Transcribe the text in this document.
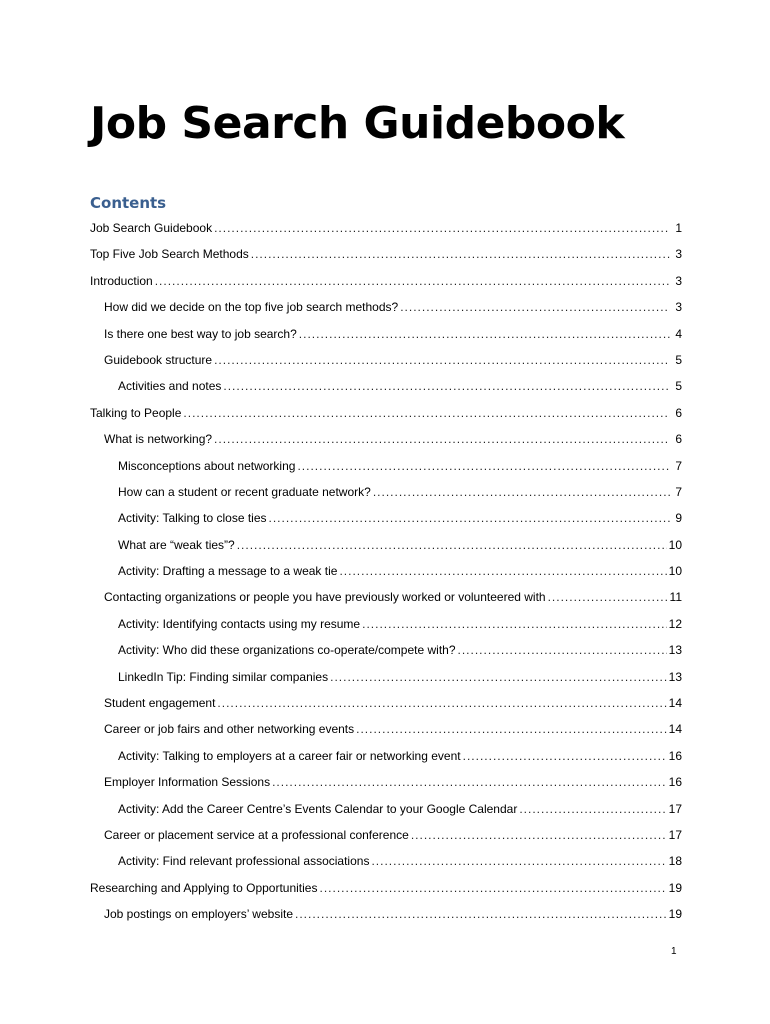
Job Search Guidebook
Contents
Job Search Guidebook .....	1
Top Five Job Search Methods .....	3
Introduction .....	3
How did we decide on the top five job search methods? .....	3
Is there one best way to job search? .....	4
Guidebook structure .....	5
Activities and notes .....	5
Talking to People .....	6
What is networking? .....	6
Misconceptions about networking .....	7
How can a student or recent graduate network? .....	7
Activity: Talking to close ties .....	9
What are “weak ties”? .....	10
Activity: Drafting a message to a weak tie .....	10
Contacting organizations or people you have previously worked or volunteered with .....	11
Activity: Identifying contacts using my resume .....	12
Activity: Who did these organizations co-operate/compete with? .....	13
LinkedIn Tip: Finding similar companies .....	13
Student engagement .....	14
Career or job fairs and other networking events .....	14
Activity: Talking to employers at a career fair or networking event .....	16
Employer Information Sessions .....	16
Activity: Add the Career Centre’s Events Calendar to your Google Calendar .....	17
Career or placement service at a professional conference .....	17
Activity: Find relevant professional associations .....	18
Researching and Applying to Opportunities .....	19
Job postings on employers’ website .....	19
1
